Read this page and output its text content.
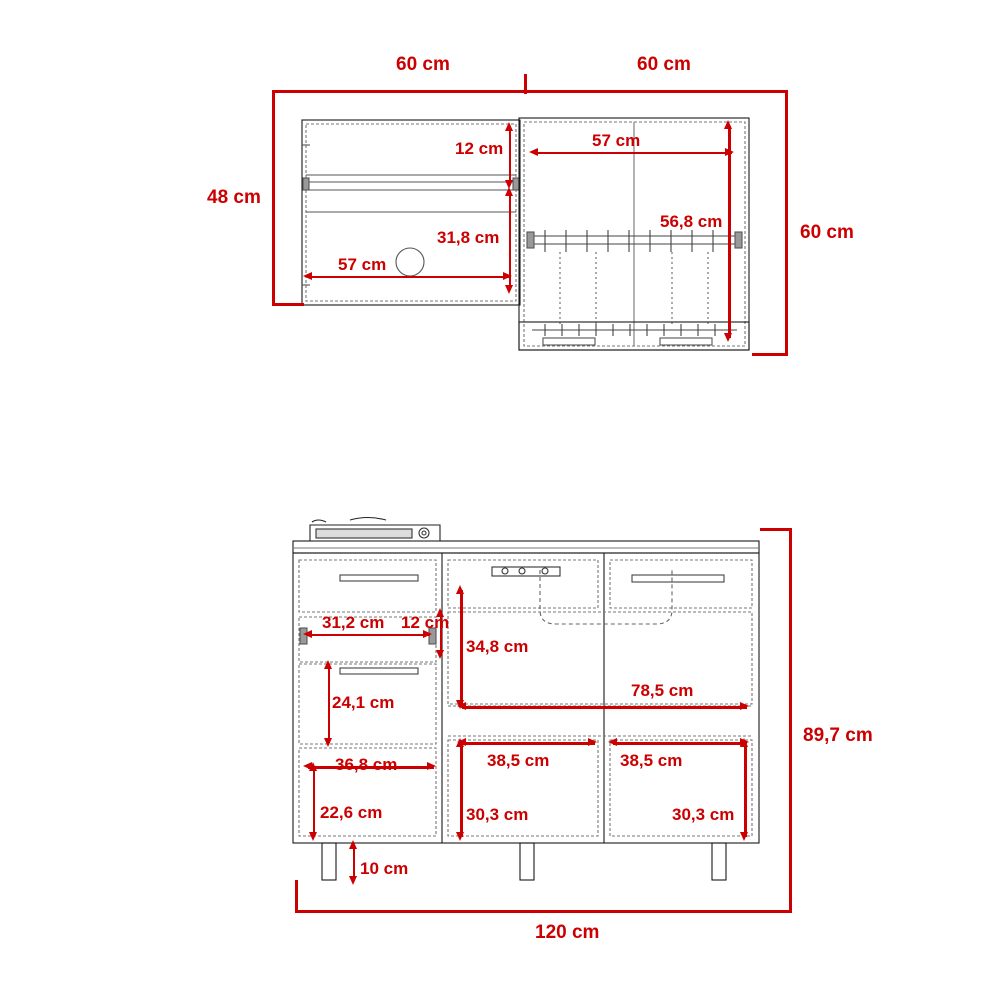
60 cm	60 cm
48 cm
60 cm
12 cm
31,8 cm
57 cm
57 cm
56,8 cm
89,7 cm
120 cm
31,2 cm 12 cm
24,1 cm
34,8 cm
78,5 cm
36,8 cm	38,5 cm	38,5 cm
22,6 cm	30,3 cm	30,3 cm
10 cm
